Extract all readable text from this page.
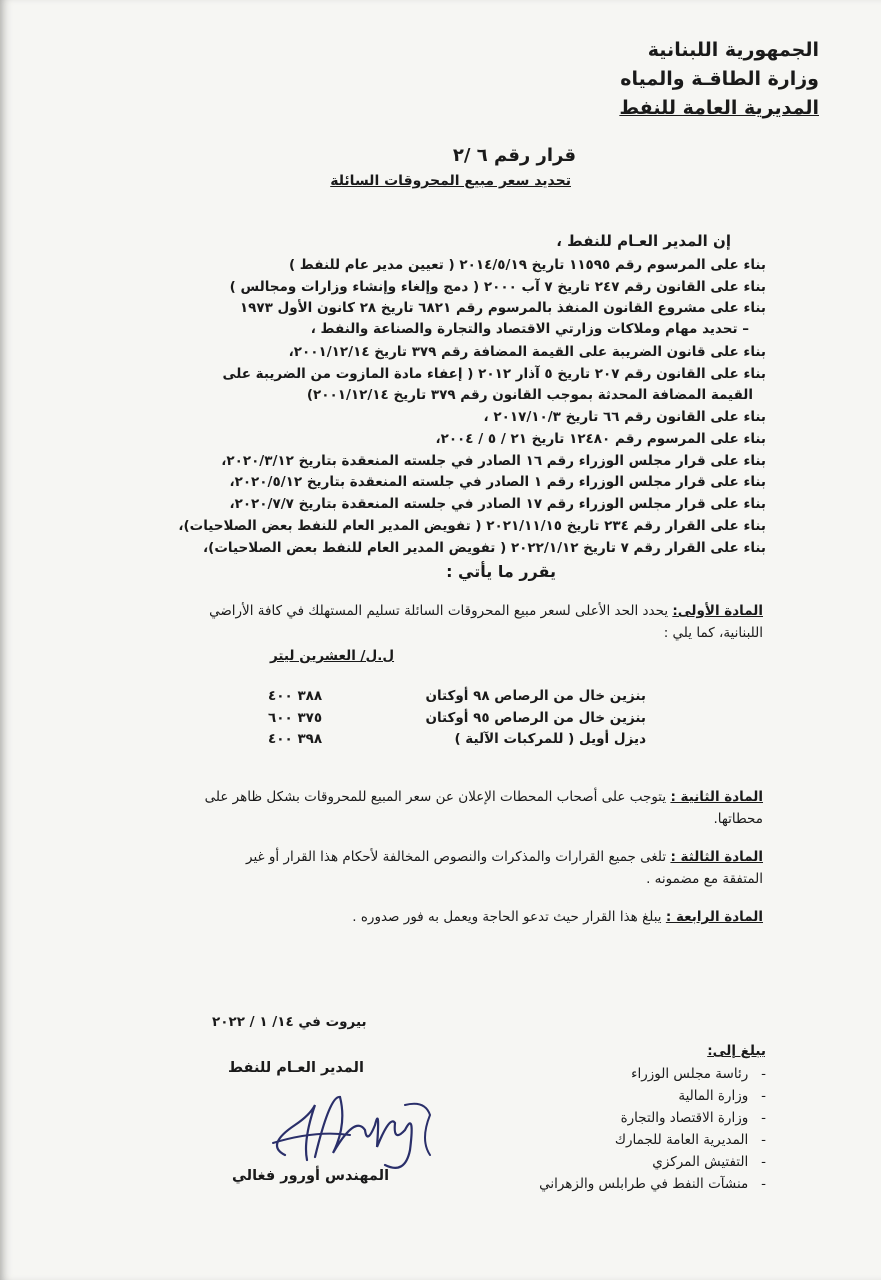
الجمهورية اللبنانية
وزارة الطاقـة والمياه
المديرية العامة للنفط
قرار رقم ٦ /٢
تحديد سعر مبيع المحروقات السائلة
إن المدير العـام للنفط ،
بناء على المرسوم رقم ١١٥٩٥ تاريخ ٢٠١٤/٥/١٩ ( تعيين مدير عام للنفط )
بناء على القانون رقم ٢٤٧ تاريخ ٧ آب ٢٠٠٠ ( دمج وإلغاء وإنشاء وزارات ومجالس )
بناء على مشروع القانون المنفذ بالمرسوم رقم ٦٨٢١ تاريخ ٢٨ كانون الأول ١٩٧٣
– تحديد مهام وملاكات وزارتي الاقتصاد والتجارة والصناعة والنفط ،
بناء على قانون الضريبة على القيمة المضافة رقم ٣٧٩ تاريخ ٢٠٠١/١٢/١٤،
بناء على القانون رقم ٢٠٧ تاريخ ٥ آذار ٢٠١٢ ( إعفاء مادة المازوت من الضريبة على
القيمة المضافة المحدثة بموجب القانون رقم ٣٧٩ تاريخ ٢٠٠١/١٢/١٤)
بناء على القانون رقم ٦٦ تاريخ ٢٠١٧/١٠/٣ ،
بناء على المرسوم رقم ١٢٤٨٠ تاريخ ٢١ / ٥ / ٢٠٠٤،
بناء على قرار مجلس الوزراء رقم ١٦ الصادر في جلسته المنعقدة بتاريخ ٢٠٢٠/٣/١٢،
بناء على قرار مجلس الوزراء رقم ١ الصادر في جلسته المنعقدة بتاريخ ٢٠٢٠/٥/١٢،
بناء على قرار مجلس الوزراء رقم ١٧ الصادر في جلسته المنعقدة بتاريخ ٢٠٢٠/٧/٧،
بناء على القرار رقم ٢٣٤ تاريخ ٢٠٢١/١١/١٥ ( تفويض المدير العام للنفط بعض الصلاحيات)،
بناء على القرار رقم ٧ تاريخ ٢٠٢٢/١/١٢ ( تفويض المدير العام للنفط بعض الصلاحيات)،
يقرر ما يأتي :
المادة الأولى: يحدد الحد الأعلى لسعر مبيع المحروقات السائلة تسليم المستهلك في كافة الأراضي اللبنانية، كما يلي :
ل.ل/ العشرين ليتر
بنزين خال من الرصاص ٩٨ أوكتان
٣٨٨ ٤٠٠
بنزين خال من الرصاص ٩٥ أوكتان
٣٧٥ ٦٠٠
ديزل أويل ( للمركبات الآلية )
٣٩٨ ٤٠٠
المادة الثانية : يتوجب على أصحاب المحطات الإعلان عن سعر المبيع للمحروقات بشكل ظاهر على محطاتها.
المادة الثالثة : تلغى جميع القرارات والمذكرات والنصوص المخالفة لأحكام هذا القرار أو غير المتفقة مع مضمونه .
المادة الرابعة : يبلغ هذا القرار حيث تدعو الحاجة ويعمل به فور صدوره .
بيروت في ١٤/ ١ / ٢٠٢٢
المدير العـام للنفط
المهندس أورور فغالي
يبلغ إلى:
-   رئاسة مجلس الوزراء
-   وزارة المالية
-   وزارة الاقتصاد والتجارة
-   المديرية العامة للجمارك
-   التفتيش المركزي
-   منشآت النفط في طرابلس والزهراني
